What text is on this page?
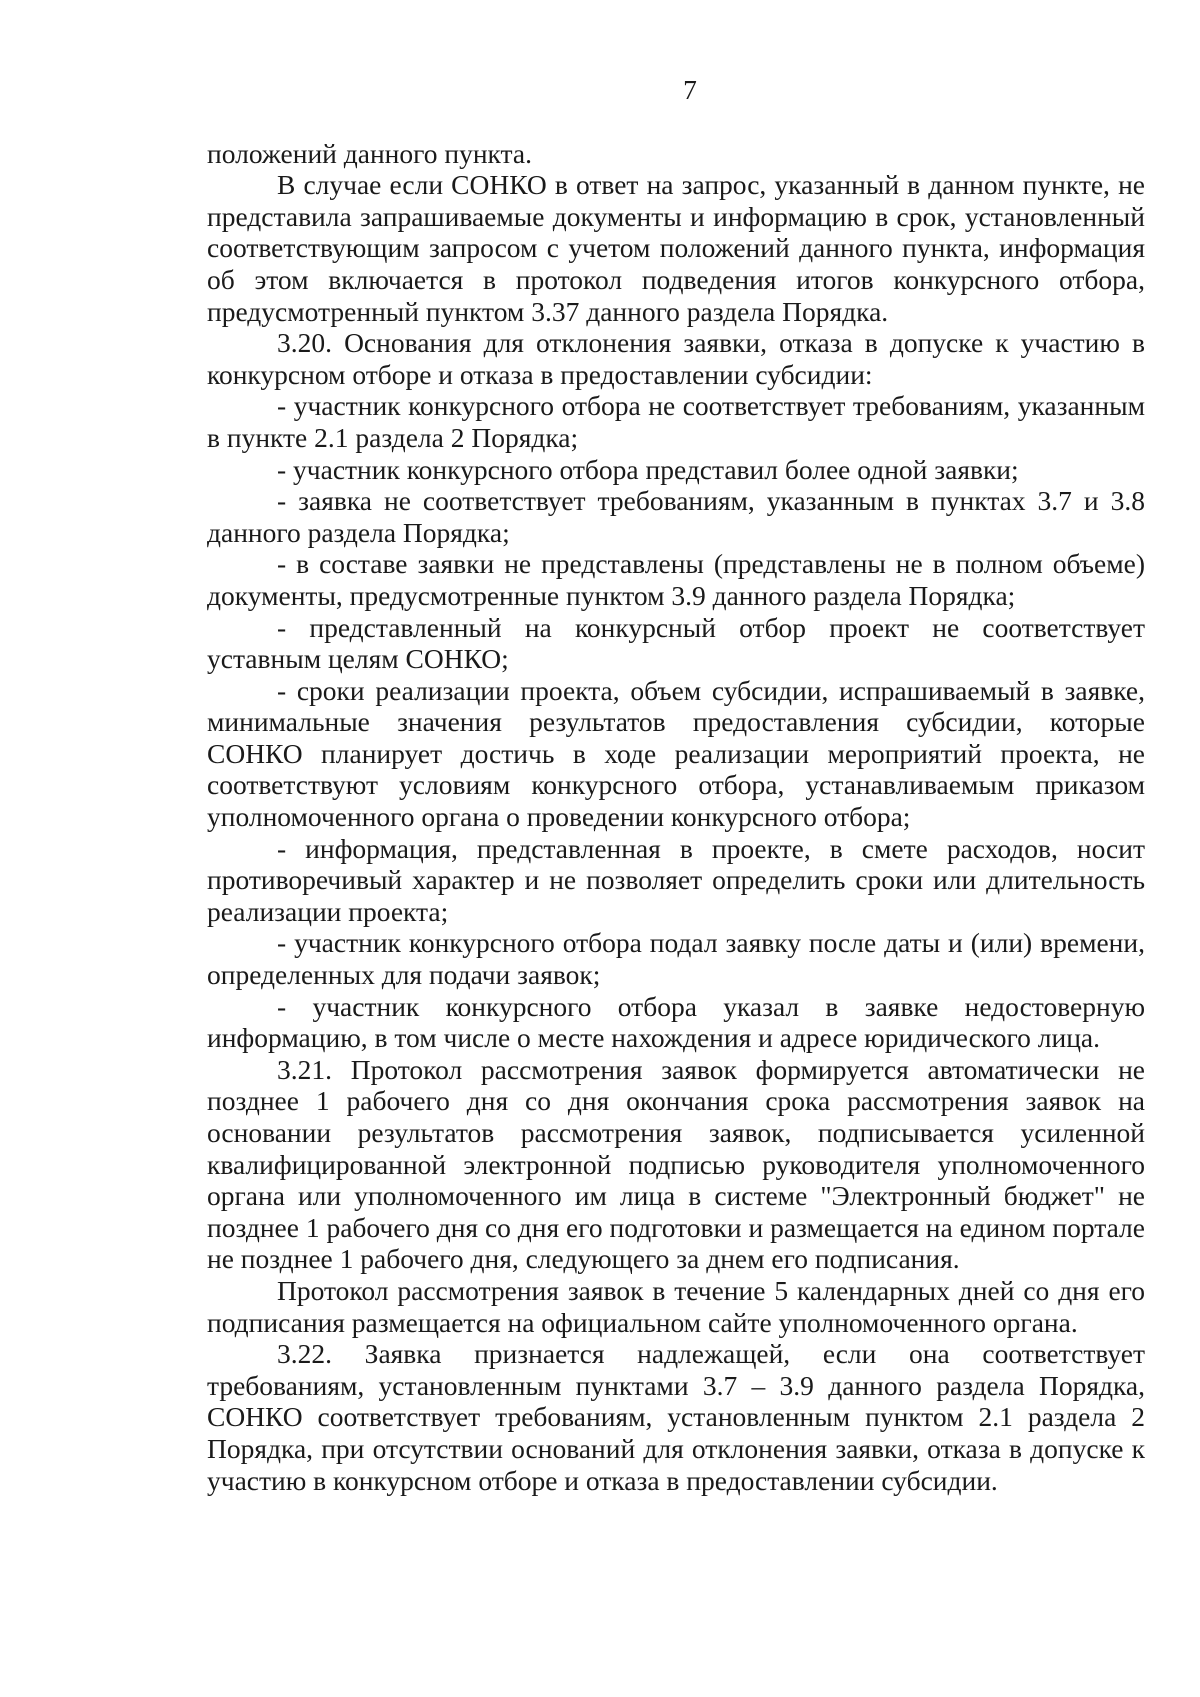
7

положений данного пункта.

В случае если СОНКО в ответ на запрос, указанный в данном пункте, не представила запрашиваемые документы и информацию в срок, установленный соответствующим запросом с учетом положений данного пункта, информация об этом включается в протокол подведения итогов конкурсного отбора, предусмотренный пунктом 3.37 данного раздела Порядка.

3.20. Основания для отклонения заявки, отказа в допуске к участию в конкурсном отборе и отказа в предоставлении субсидии:

- участник конкурсного отбора не соответствует требованиям, указанным в пункте 2.1 раздела 2 Порядка;

- участник конкурсного отбора представил более одной заявки;

- заявка не соответствует требованиям, указанным в пунктах 3.7 и 3.8 данного раздела Порядка;

- в составе заявки не представлены (представлены не в полном объеме) документы, предусмотренные пунктом 3.9 данного раздела Порядка;

- представленный на конкурсный отбор проект не соответствует уставным целям СОНКО;

- сроки реализации проекта, объем субсидии, испрашиваемый в заявке, минимальные значения результатов предоставления субсидии, которые СОНКО планирует достичь в ходе реализации мероприятий проекта, не соответствуют условиям конкурсного отбора, устанавливаемым приказом уполномоченного органа о проведении конкурсного отбора;

- информация, представленная в проекте, в смете расходов, носит противоречивый характер и не позволяет определить сроки или длительность реализации проекта;

- участник конкурсного отбора подал заявку после даты и (или) времени, определенных для подачи заявок;

- участник конкурсного отбора указал в заявке недостоверную информацию, в том числе о месте нахождения и адресе юридического лица.

3.21. Протокол рассмотрения заявок формируется автоматически не позднее 1 рабочего дня со дня окончания срока рассмотрения заявок на основании результатов рассмотрения заявок, подписывается усиленной квалифицированной электронной подписью руководителя уполномоченного органа или уполномоченного им лица в системе "Электронный бюджет" не позднее 1 рабочего дня со дня его подготовки и размещается на едином портале не позднее 1 рабочего дня, следующего за днем его подписания.

Протокол рассмотрения заявок в течение 5 календарных дней со дня его подписания размещается на официальном сайте уполномоченного органа.

3.22. Заявка признается надлежащей, если она соответствует требованиям, установленным пунктами 3.7 – 3.9 данного раздела Порядка, СОНКО соответствует требованиям, установленным пунктом 2.1 раздела 2 Порядка, при отсутствии оснований для отклонения заявки, отказа в допуске к участию в конкурсном отборе и отказа в предоставлении субсидии.
